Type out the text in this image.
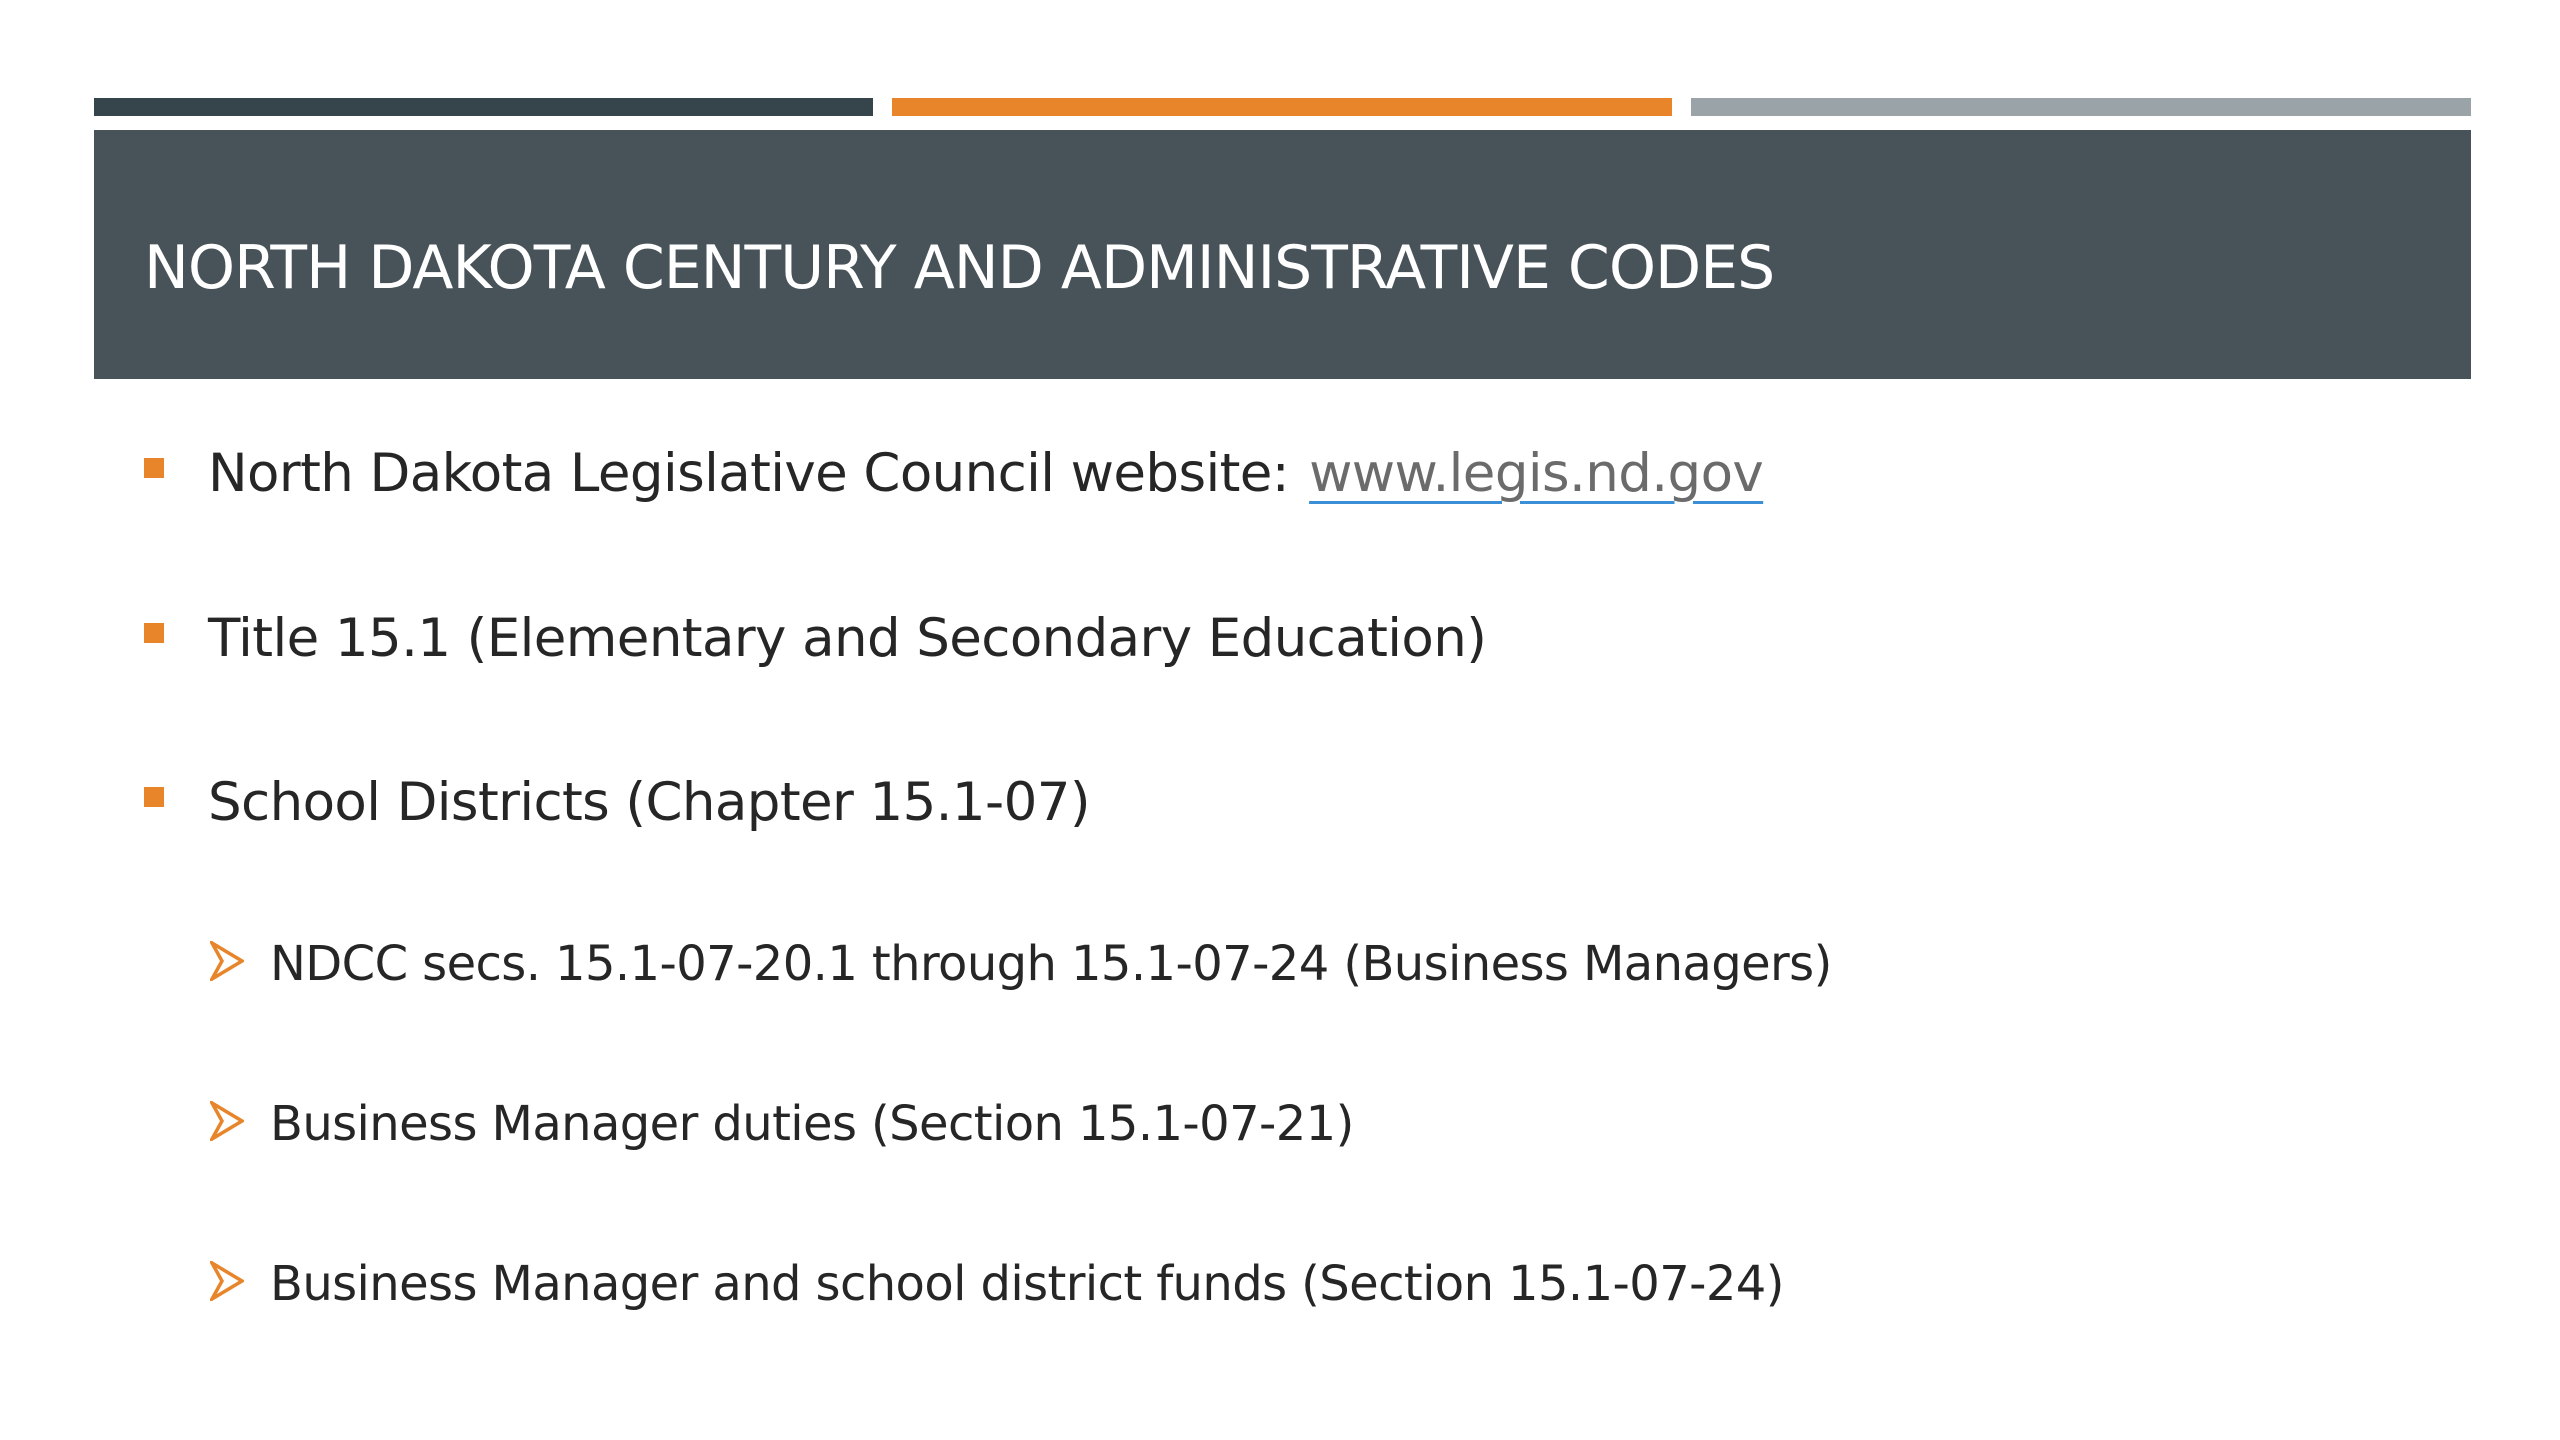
NORTH DAKOTA CENTURY AND ADMINISTRATIVE CODES
North Dakota Legislative Council website: www.legis.nd.gov
Title 15.1 (Elementary and Secondary Education)
School Districts (Chapter 15.1-07)
NDCC secs. 15.1-07-20.1 through 15.1-07-24 (Business Managers)
Business Manager duties (Section 15.1-07-21)
Business Manager and school district funds (Section 15.1-07-24)
